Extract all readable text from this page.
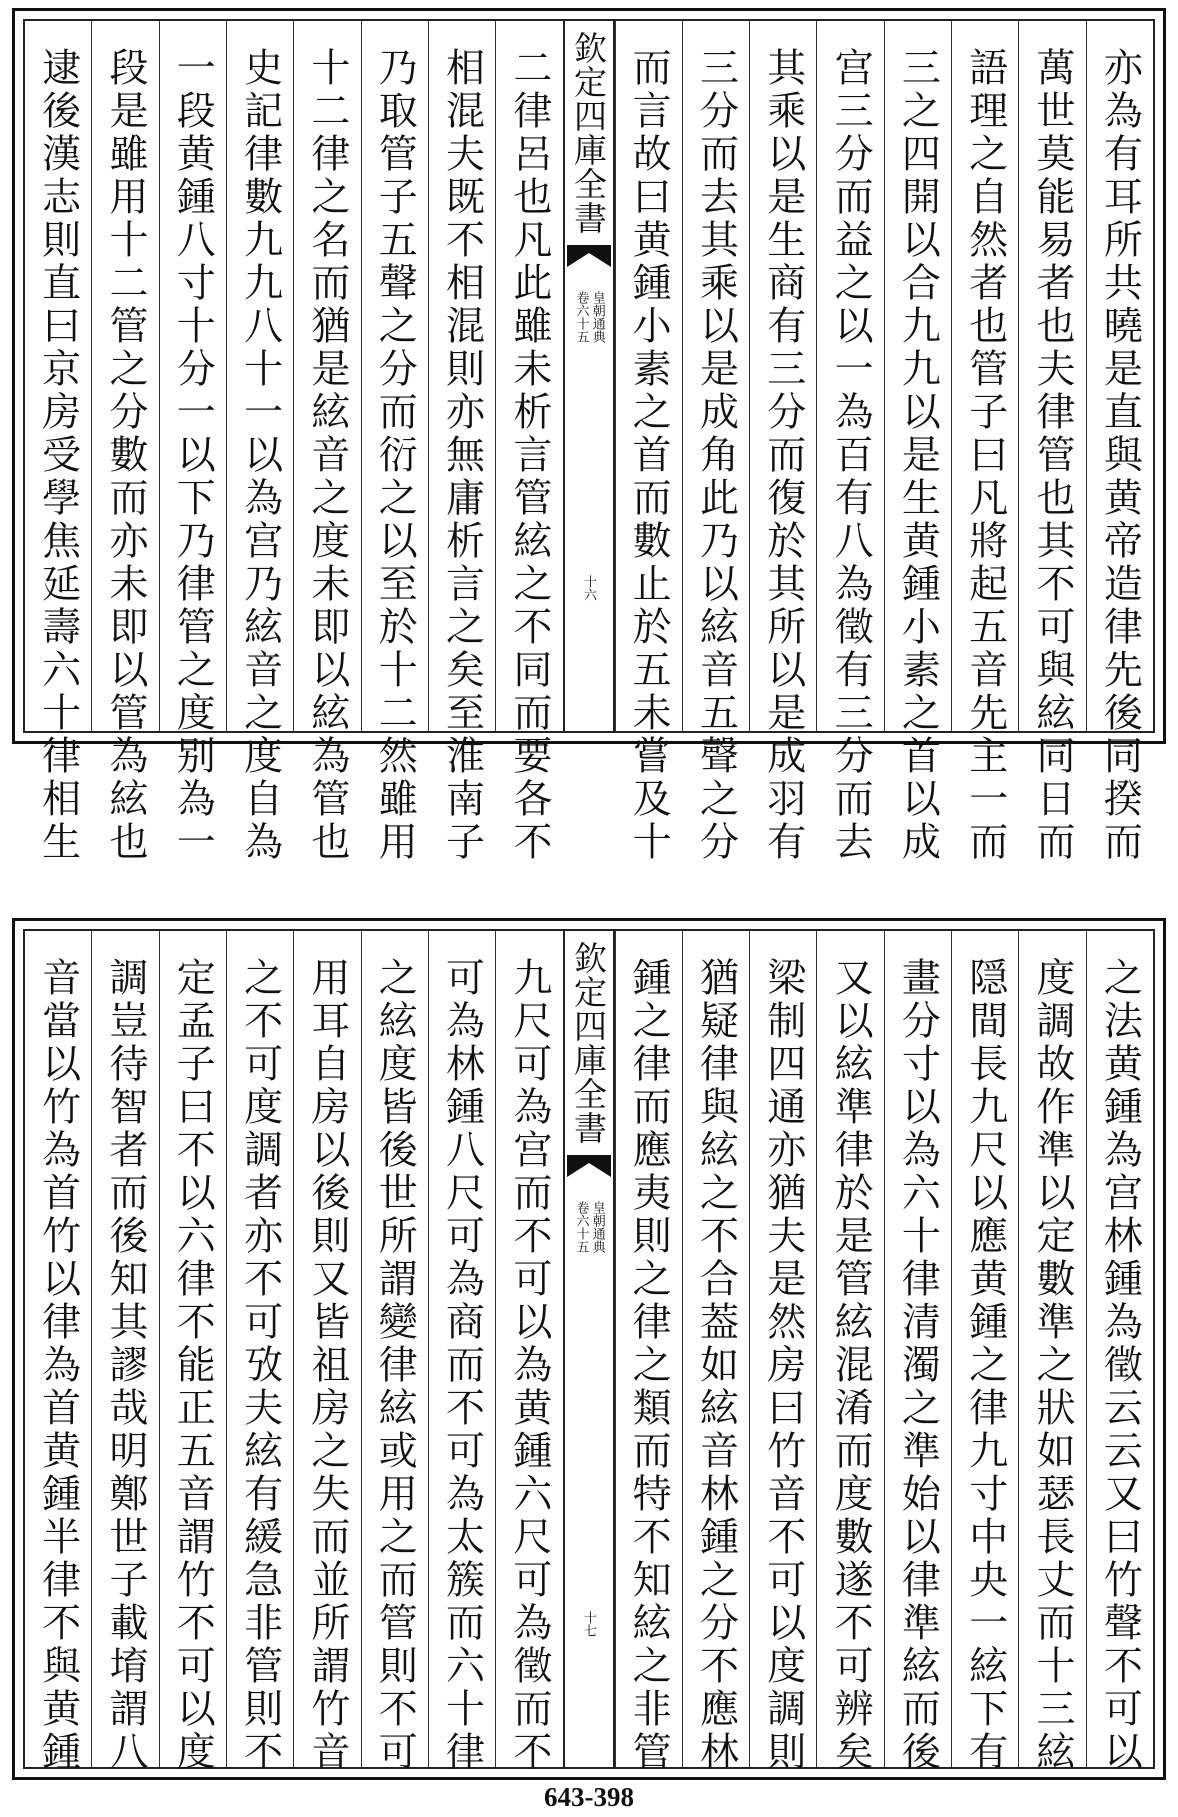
亦為有耳所共曉是直與黄帝造律先後同揆而
萬世莫能易者也夫律管也其不可與絃同日而
語理之自然者也管子曰凡將起五音先主一而
三之四開以合九九以是生黄鍾小素之首以成
宫三分而益之以一為百有八為徵有三分而去
其乘以是生商有三分而復於其所以是成羽有
三分而去其乘以是成角此乃以絃音五聲之分
而言故曰黄鍾小素之首而數止於五未嘗及十
欽定四庫全書
皇朝通典
卷六十五
十六
二律呂也凡此雖未析言管絃之不同而要各不
相混夫既不相混則亦無庸析言之矣至淮南子
乃取管子五聲之分而衍之以至於十二然雖用
十二律之名而猶是絃音之度未即以絃為管也
史記律數九九八十一以為宫乃絃音之度自為
一段黄鍾八寸十分一以下乃律管之度别為一
段是雖用十二管之分數而亦未即以管為絃也
逮後漢志則直曰京房受學焦延壽六十律相生
之法黄鍾為宫林鍾為徵云云又曰竹聲不可以
度調故作準以定數準之狀如瑟長丈而十三絃
隠間長九尺以應黄鍾之律九寸中央一絃下有
畫分寸以為六十律清濁之準始以律準絃而後
又以絃準律於是管絃混淆而度數遂不可辨矣
梁制四通亦猶夫是然房曰竹音不可以度調則
猶疑律與絃之不合葢如絃音林鍾之分不應林
鍾之律而應夷則之律之類而特不知絃之非管
欽定四庫全書
皇朝通典
卷六十五
十七
九尺可為宫而不可以為黄鍾六尺可為徵而不
可為林鍾八尺可為商而不可為太簇而六十律
之絃度皆後世所謂變律絃或用之而管則不可
用耳自房以後則又皆祖房之失而並所謂竹音
之不可度調者亦不可攷夫絃有緩急非管則不
定孟子曰不以六律不能正五音謂竹不可以度
調豈待智者而後知其謬哉明鄭世子載堉謂八
音當以竹為首竹以律為首黄鍾半律不與黄鍾
643-398
